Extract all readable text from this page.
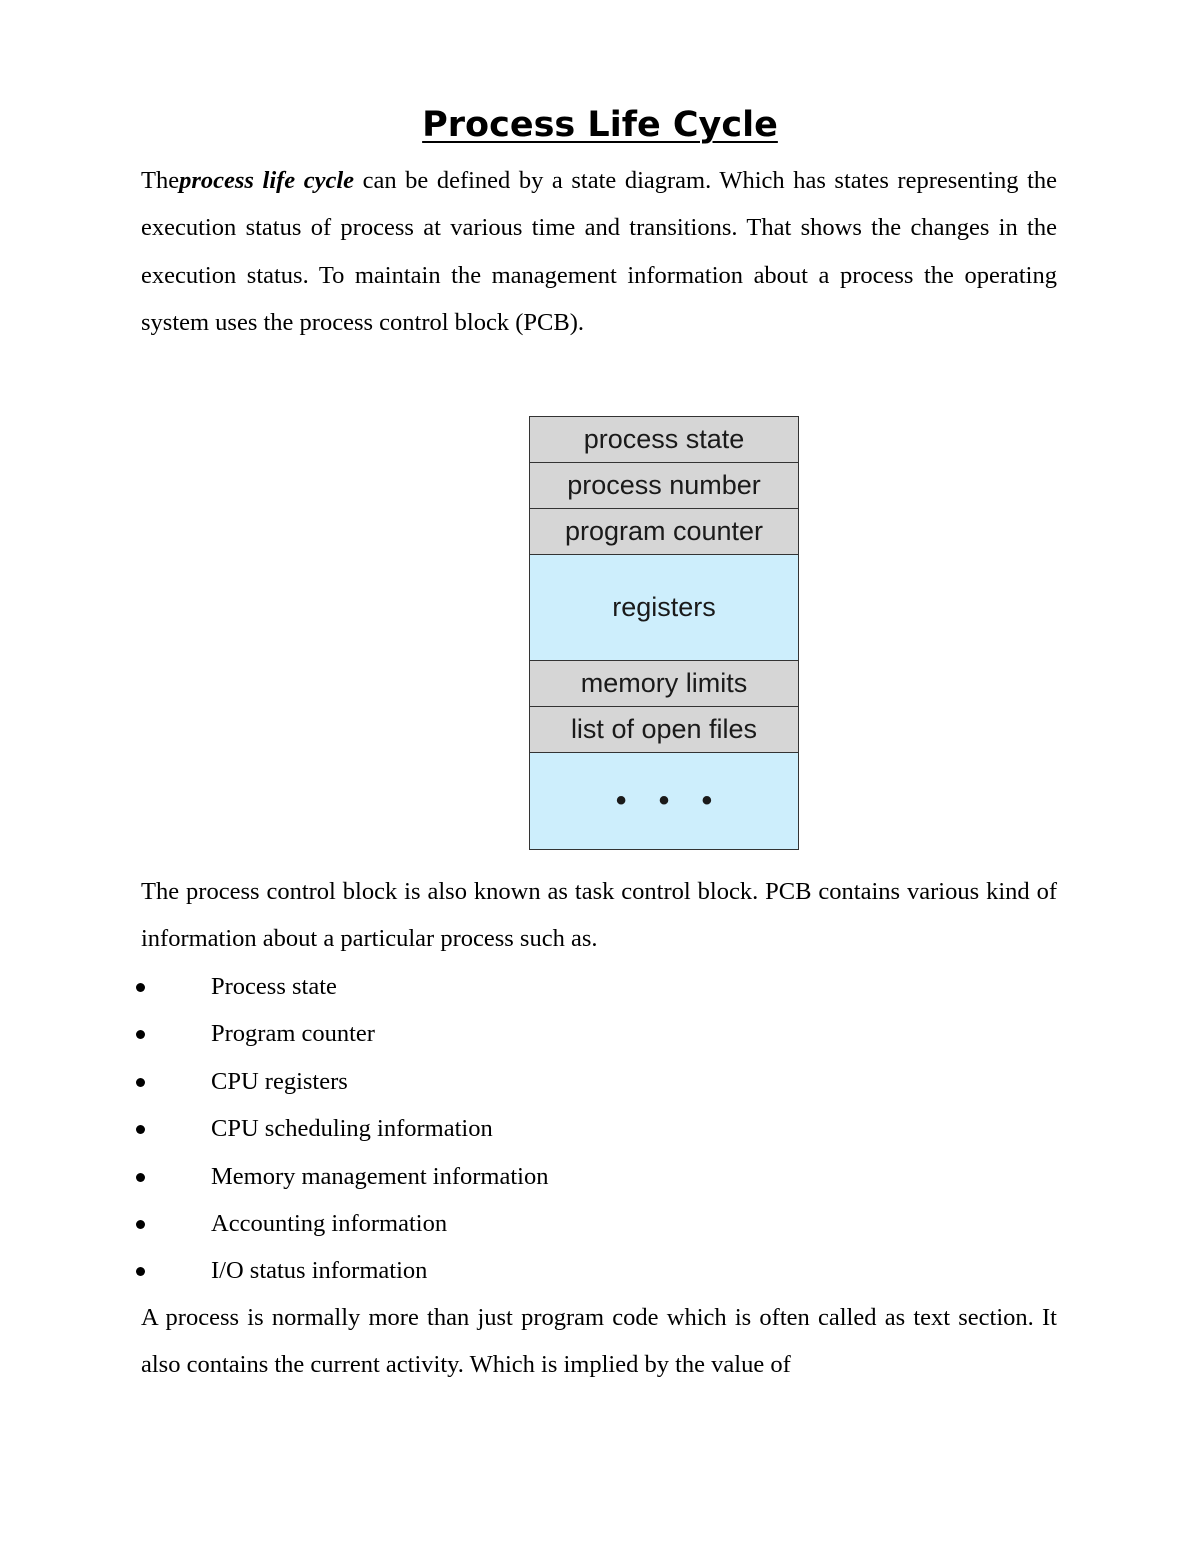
Process Life Cycle

Theprocess life cycle can be defined by a state diagram. Which has states representing the execution status of process at various time and transitions. That shows the changes in the execution status. To maintain the management information about a process the operating system uses the process control block (PCB).

process state
process number
program counter
registers
memory limits
list of open files
• • •

The process control block is also known as task control block. PCB contains various kind of information about a particular process such as.

Process state
Program counter
CPU registers
CPU scheduling information
Memory management information
Accounting information
I/O status information

A process is normally more than just program code which is often called as text section. It also contains the current activity. Which is implied by the value of
